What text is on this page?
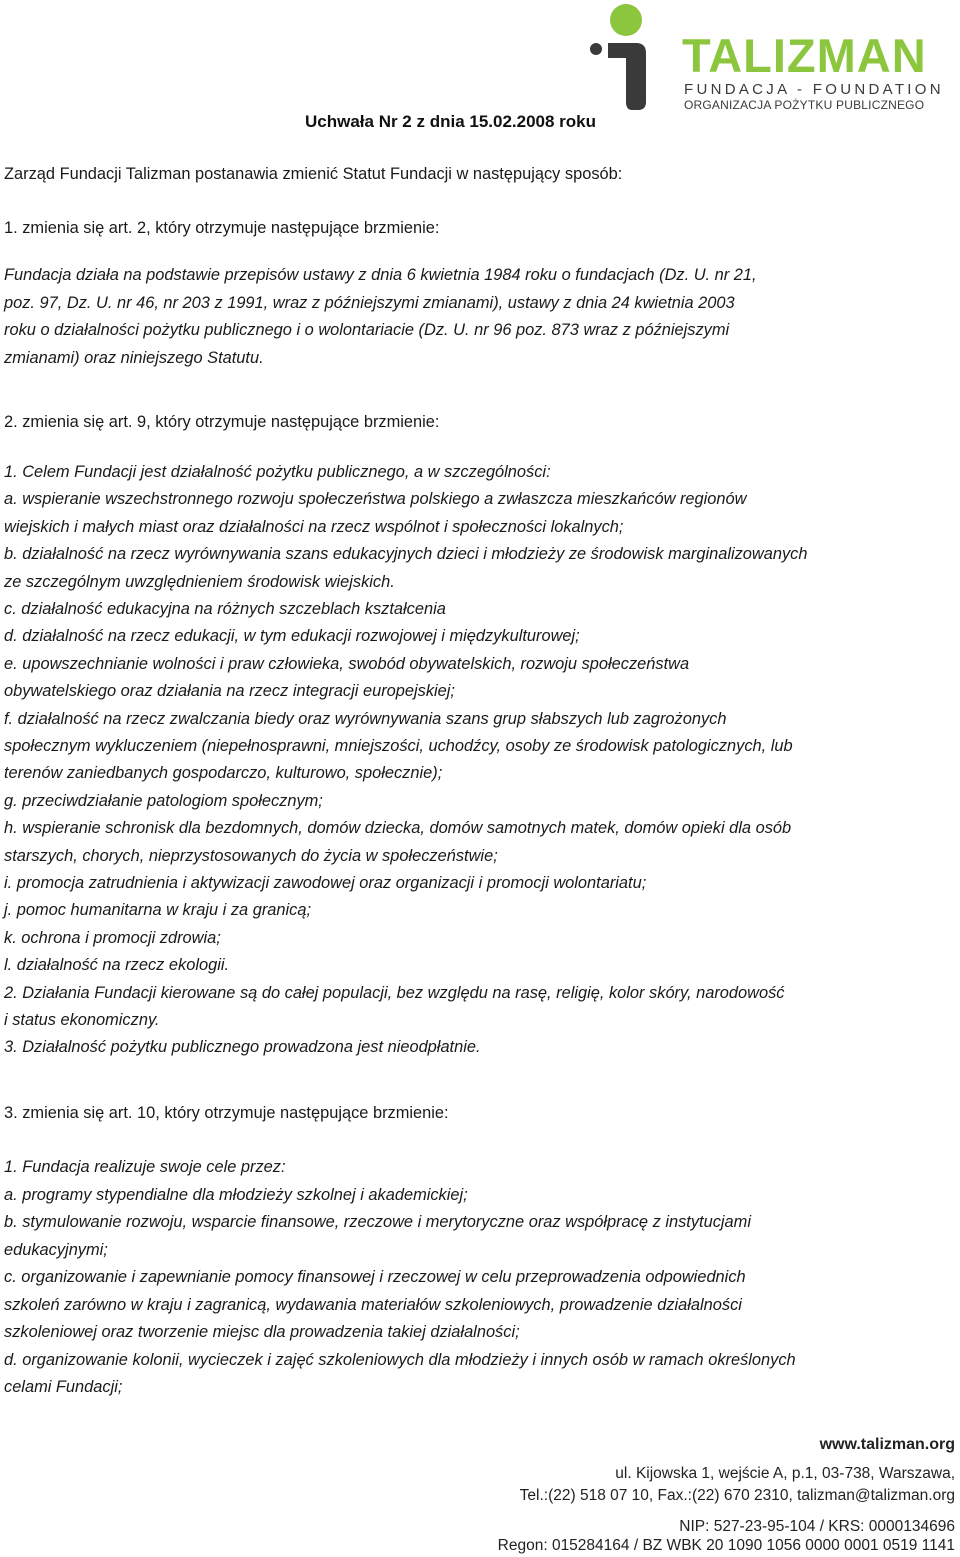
TALIZMAN
FUNDACJA - FOUNDATION
ORGANIZACJA POŻYTKU PUBLICZNEGO
Uchwała Nr 2 z dnia 15.02.2008 roku
Zarząd Fundacji Talizman postanawia zmienić Statut Fundacji w następujący sposób:
1. zmienia się art. 2, który otrzymuje następujące brzmienie:
Fundacja działa na podstawie przepisów ustawy z dnia 6 kwietnia 1984 roku o fundacjach (Dz. U. nr 21,
poz. 97, Dz. U. nr 46, nr 203 z 1991, wraz z późniejszymi zmianami), ustawy z dnia 24 kwietnia 2003
roku o działalności pożytku publicznego i o wolontariacie (Dz. U. nr 96 poz. 873 wraz z późniejszymi
zmianami) oraz niniejszego Statutu.
2. zmienia się art. 9, który otrzymuje następujące brzmienie:
1. Celem Fundacji jest działalność pożytku publicznego, a w szczególności:
a. wspieranie wszechstronnego rozwoju społeczeństwa polskiego a zwłaszcza mieszkańców regionów
wiejskich i małych miast oraz działalności na rzecz wspólnot i społeczności lokalnych;
b. działalność na rzecz wyrównywania szans edukacyjnych dzieci i młodzieży ze środowisk marginalizowanych
ze szczególnym uwzględnieniem środowisk wiejskich.
c. działalność edukacyjna na różnych szczeblach kształcenia
d. działalność na rzecz edukacji, w tym edukacji rozwojowej i międzykulturowej;
e. upowszechnianie wolności i praw człowieka, swobód obywatelskich, rozwoju społeczeństwa
obywatelskiego oraz działania na rzecz integracji europejskiej;
f. działalność na rzecz zwalczania biedy oraz wyrównywania szans grup słabszych lub zagrożonych
społecznym wykluczeniem (niepełnosprawni, mniejszości, uchodźcy, osoby ze środowisk patologicznych, lub
terenów zaniedbanych gospodarczo, kulturowo, społecznie);
g. przeciwdziałanie patologiom społecznym;
h. wspieranie schronisk dla bezdomnych, domów dziecka, domów samotnych matek, domów opieki dla osób
starszych, chorych, nieprzystosowanych do życia w społeczeństwie;
i. promocja zatrudnienia i aktywizacji zawodowej oraz organizacji i promocji wolontariatu;
j. pomoc humanitarna w kraju i za granicą;
k. ochrona i promocji zdrowia;
l. działalność na rzecz ekologii.
2. Działania Fundacji kierowane są do całej populacji, bez względu na rasę, religię, kolor skóry, narodowość
i status ekonomiczny.
3. Działalność pożytku publicznego prowadzona jest nieodpłatnie.
3. zmienia się art. 10, który otrzymuje następujące brzmienie:
1. Fundacja realizuje swoje cele przez:
a. programy stypendialne dla młodzieży szkolnej i akademickiej;
b. stymulowanie rozwoju, wsparcie finansowe, rzeczowe i merytoryczne oraz współpracę z instytucjami
edukacyjnymi;
c. organizowanie i zapewnianie pomocy finansowej i rzeczowej w celu przeprowadzenia odpowiednich
szkoleń zarówno w kraju i zagranicą, wydawania materiałów szkoleniowych, prowadzenie działalności
szkoleniowej oraz tworzenie miejsc dla prowadzenia takiej działalności;
d. organizowanie kolonii, wycieczek i zajęć szkoleniowych dla młodzieży i innych osób w ramach określonych
celami Fundacji;
www.talizman.org
ul. Kijowska 1, wejście A, p.1, 03-738, Warszawa,
Tel.:(22) 518 07 10, Fax.:(22) 670 2310, talizman@talizman.org
NIP: 527-23-95-104 / KRS: 0000134696
Regon: 015284164 / BZ WBK 20 1090 1056 0000 0001 0519 1141
